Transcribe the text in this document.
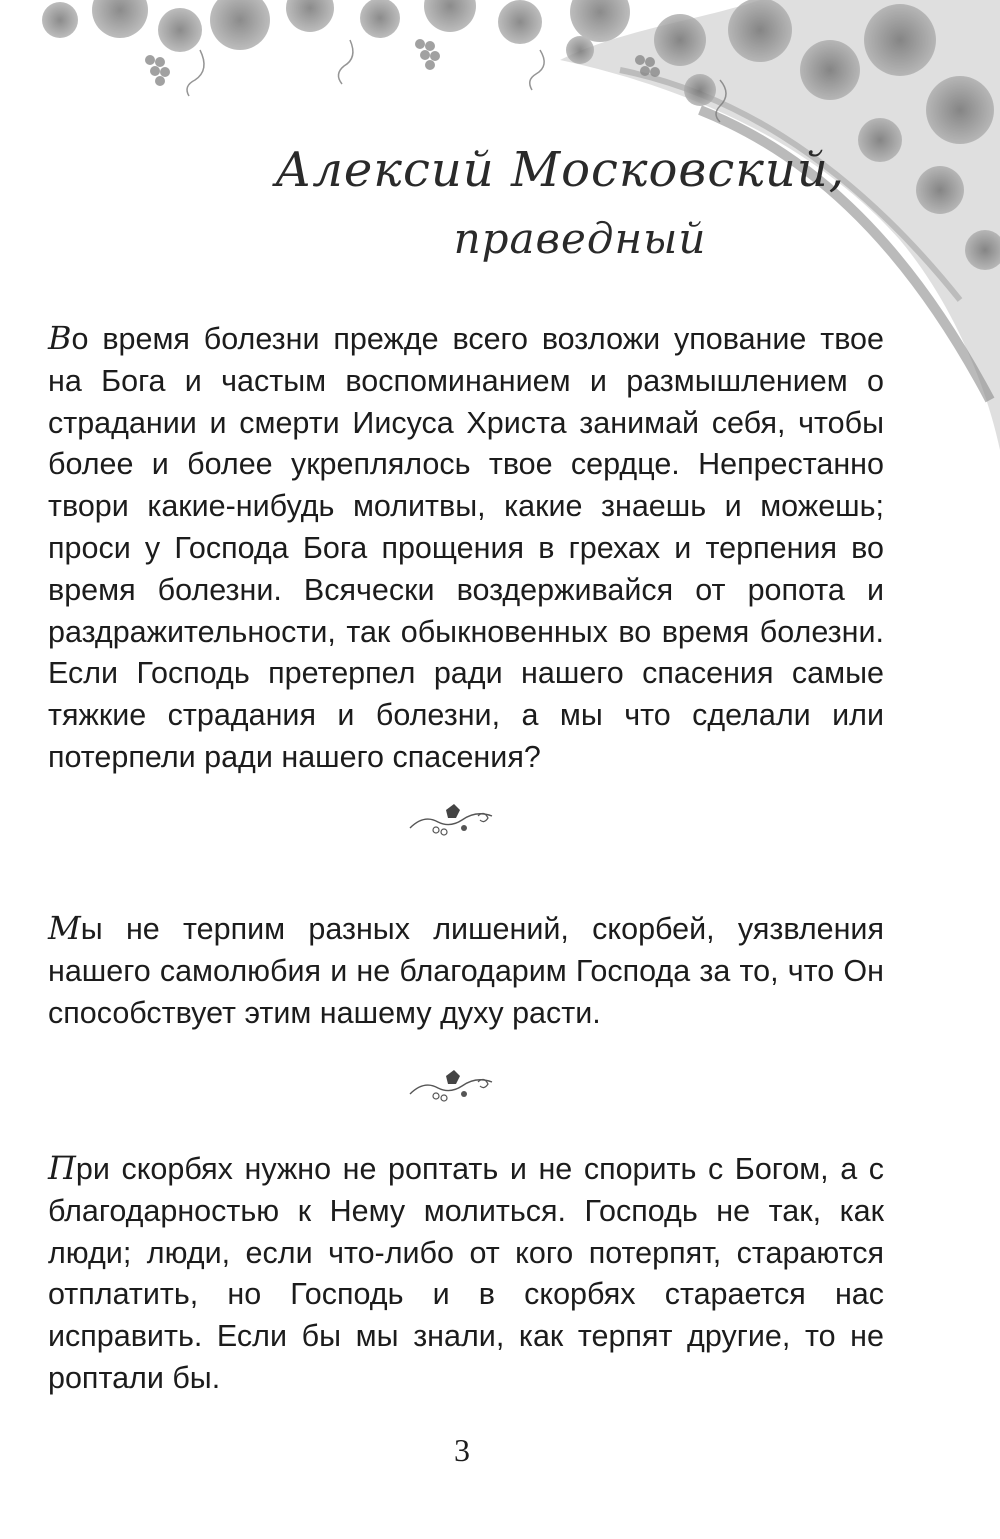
Алексий Московский,
праведный

Во время болезни прежде всего возложи упование твое на Бога и частым воспоминанием и размышлением о страдании и смерти Иисуса Христа занимай себя, чтобы более и более укреплялось твое сердце. Непрестанно твори какие-нибудь молитвы, какие знаешь и можешь; проси у Господа Бога прощения в грехах и терпения во время болезни. Всячески воздерживайся от ропота и раздражительности, так обыкновенных во время болезни. Если Господь претерпел ради нашего спасения самые тяжкие страдания и болезни, а мы что сделали или потерпели ради нашего спасения?

Мы не терпим разных лишений, скорбей, уязвления нашего самолюбия и не благодарим Господа за то, что Он способствует этим нашему духу расти.

При скорбях нужно не роптать и не спорить с Богом, а с благодарностью к Нему молиться. Господь не так, как люди; люди, если что-либо от кого потерпят, стараются отплатить, но Господь и в скорбях старается нас исправить. Если бы мы знали, как терпят другие, то не роптали бы.

3
